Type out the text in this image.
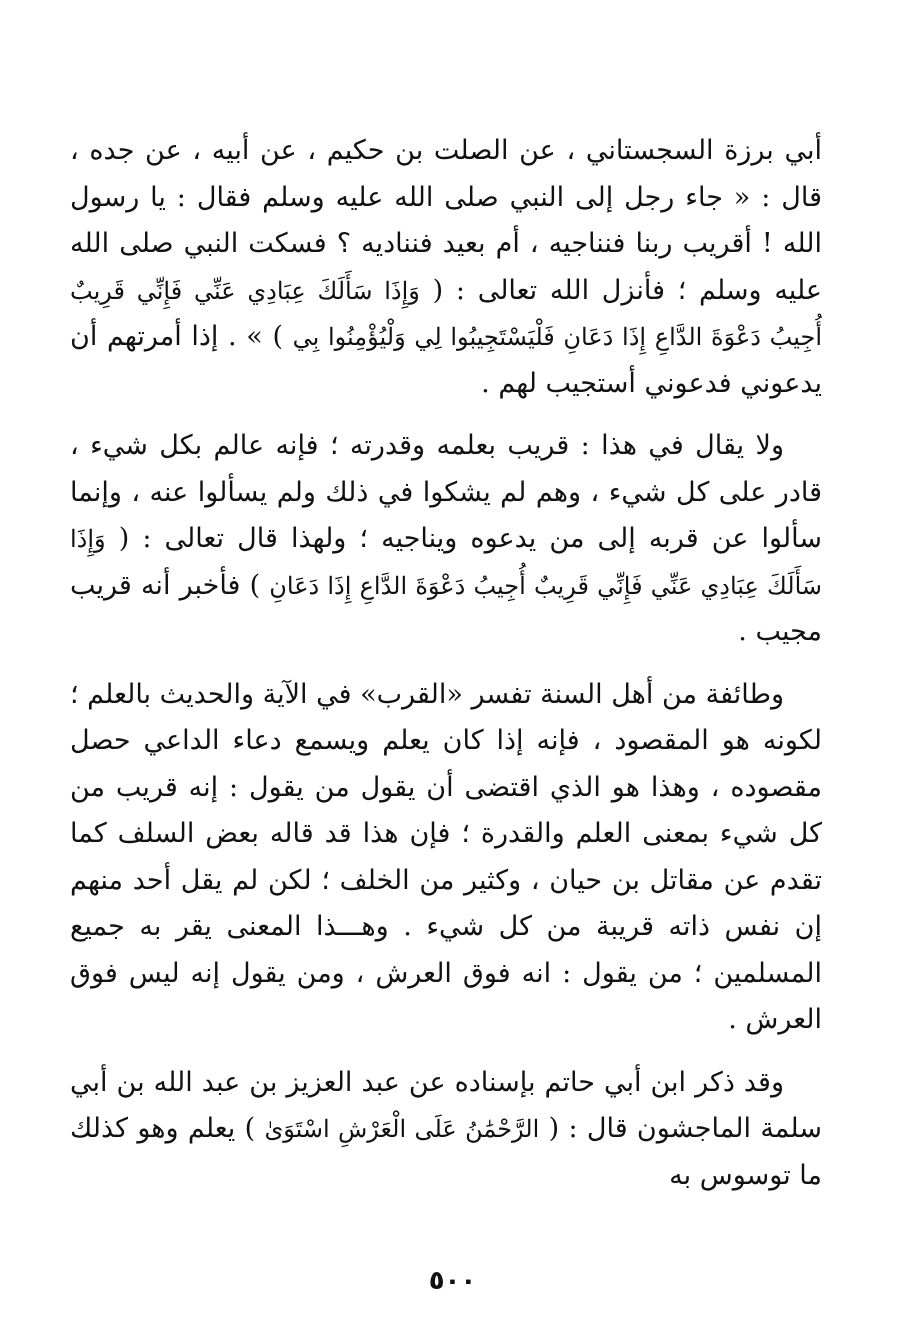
أبي برزة السجستاني ، عن الصلت بن حكيم ، عن أبيه ، عن جده ، قال : « جاء رجل إلى النبي صلى الله عليه وسلم فقال : يا رسول الله ! أقريب ربنا فنناجيه ، أم بعيد فنناديه ؟ فسكت النبي صلى الله عليه وسلم ؛ فأنزل الله تعالى : ( وَإِذَا سَأَلَكَ عِبَادِي عَنِّي فَإِنِّي قَرِيبٌ أُجِيبُ دَعْوَةَ الدَّاعِ إِذَا دَعَانِ فَلْيَسْتَجِيبُوا لِي وَلْيُؤْمِنُوا بِي ) » . إذا أمرتهم أن يدعوني فدعوني أستجيب لهم .

ولا يقال في هذا : قريب بعلمه وقدرته ؛ فإنه عالم بكل شيء ، قادر على كل شيء ، وهم لم يشكوا في ذلك ولم يسألوا عنه ، وإنما سألوا عن قربه إلى من يدعوه ويناجيه ؛ ولهذا قال تعالى : ( وَإِذَا سَأَلَكَ عِبَادِي عَنِّي فَإِنِّي قَرِيبٌ أُجِيبُ دَعْوَةَ الدَّاعِ إِذَا دَعَانِ ) فأخبر أنه قريب مجيب .

وطائفة من أهل السنة تفسر «القرب» في الآية والحديث بالعلم ؛ لكونه هو المقصود ، فإنه إذا كان يعلم ويسمع دعاء الداعي حصل مقصوده ، وهذا هو الذي اقتضى أن يقول من يقول : إنه قريب من كل شيء بمعنى العلم والقدرة ؛ فإن هذا قد قاله بعض السلف كما تقدم عن مقاتل بن حيان ، وكثير من الخلف ؛ لكن لم يقل أحد منهم إن نفس ذاته قريبة من كل شيء . وهـــذا المعنى يقر به جميع المسلمين ؛ من يقول : انه فوق العرش ، ومن يقول إنه ليس فوق العرش .

وقد ذكر ابن أبي حاتم بإسناده عن عبد العزيز بن عبد الله بن أبي سلمة الماجشون قال : ( الرَّحْمَٰنُ عَلَى الْعَرْشِ اسْتَوَىٰ ) يعلم وهو كذلك ما توسوس به

٥٠٠
